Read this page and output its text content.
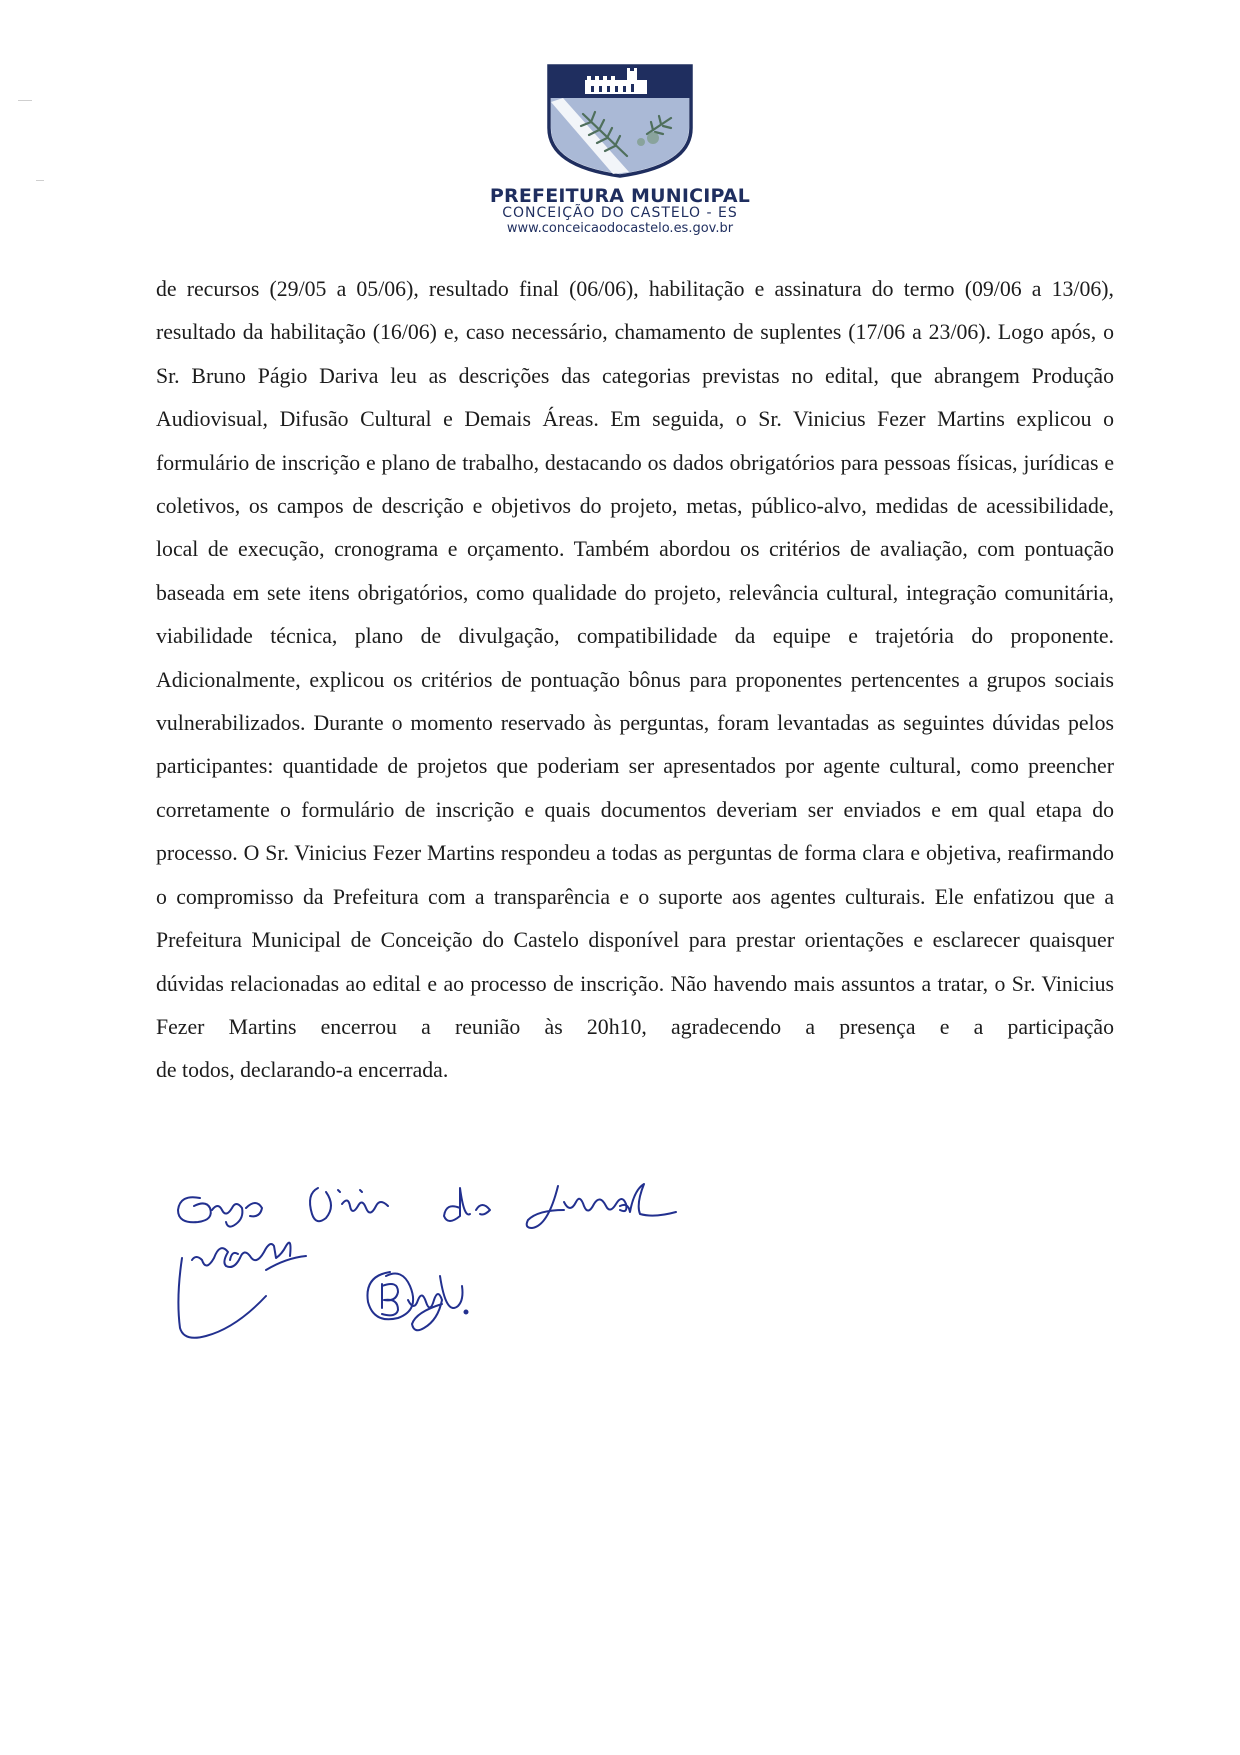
PREFEITURA MUNICIPAL
CONCEIÇÃO DO CASTELO - ES
www.conceicaodocastelo.es.gov.br

de recursos (29/05 a 05/06), resultado final (06/06), habilitação e assinatura do termo (09/06 a 13/06), resultado da habilitação (16/06) e, caso necessário, chamamento de suplentes (17/06 a 23/06). Logo após, o Sr. Bruno Págio Dariva leu as descrições das categorias previstas no edital, que abrangem Produção Audiovisual, Difusão Cultural e Demais Áreas. Em seguida, o Sr. Vinicius Fezer Martins explicou o formulário de inscrição e plano de trabalho, destacando os dados obrigatórios para pessoas físicas, jurídicas e coletivos, os campos de descrição e objetivos do projeto, metas, público-alvo, medidas de acessibilidade, local de execução, cronograma e orçamento. Também abordou os critérios de avaliação, com pontuação baseada em sete itens obrigatórios, como qualidade do projeto, relevância cultural, integração comunitária, viabilidade técnica, plano de divulgação, compatibilidade da equipe e trajetória do proponente. Adicionalmente, explicou os critérios de pontuação bônus para proponentes pertencentes a grupos sociais vulnerabilizados. Durante o momento reservado às perguntas, foram levantadas as seguintes dúvidas pelos participantes: quantidade de projetos que poderiam ser apresentados por agente cultural, como preencher corretamente o formulário de inscrição e quais documentos deveriam ser enviados e em qual etapa do processo. O Sr. Vinicius Fezer Martins respondeu a todas as perguntas de forma clara e objetiva, reafirmando o compromisso da Prefeitura com a transparência e o suporte aos agentes culturais. Ele enfatizou que a Prefeitura Municipal de Conceição do Castelo disponível para prestar orientações e esclarecer quaisquer dúvidas relacionadas ao edital e ao processo de inscrição. Não havendo mais assuntos a tratar, o Sr. Vinicius Fezer Martins encerrou a reunião às 20h10, agradecendo a presença e a participação
de todos, declarando-a encerrada.
